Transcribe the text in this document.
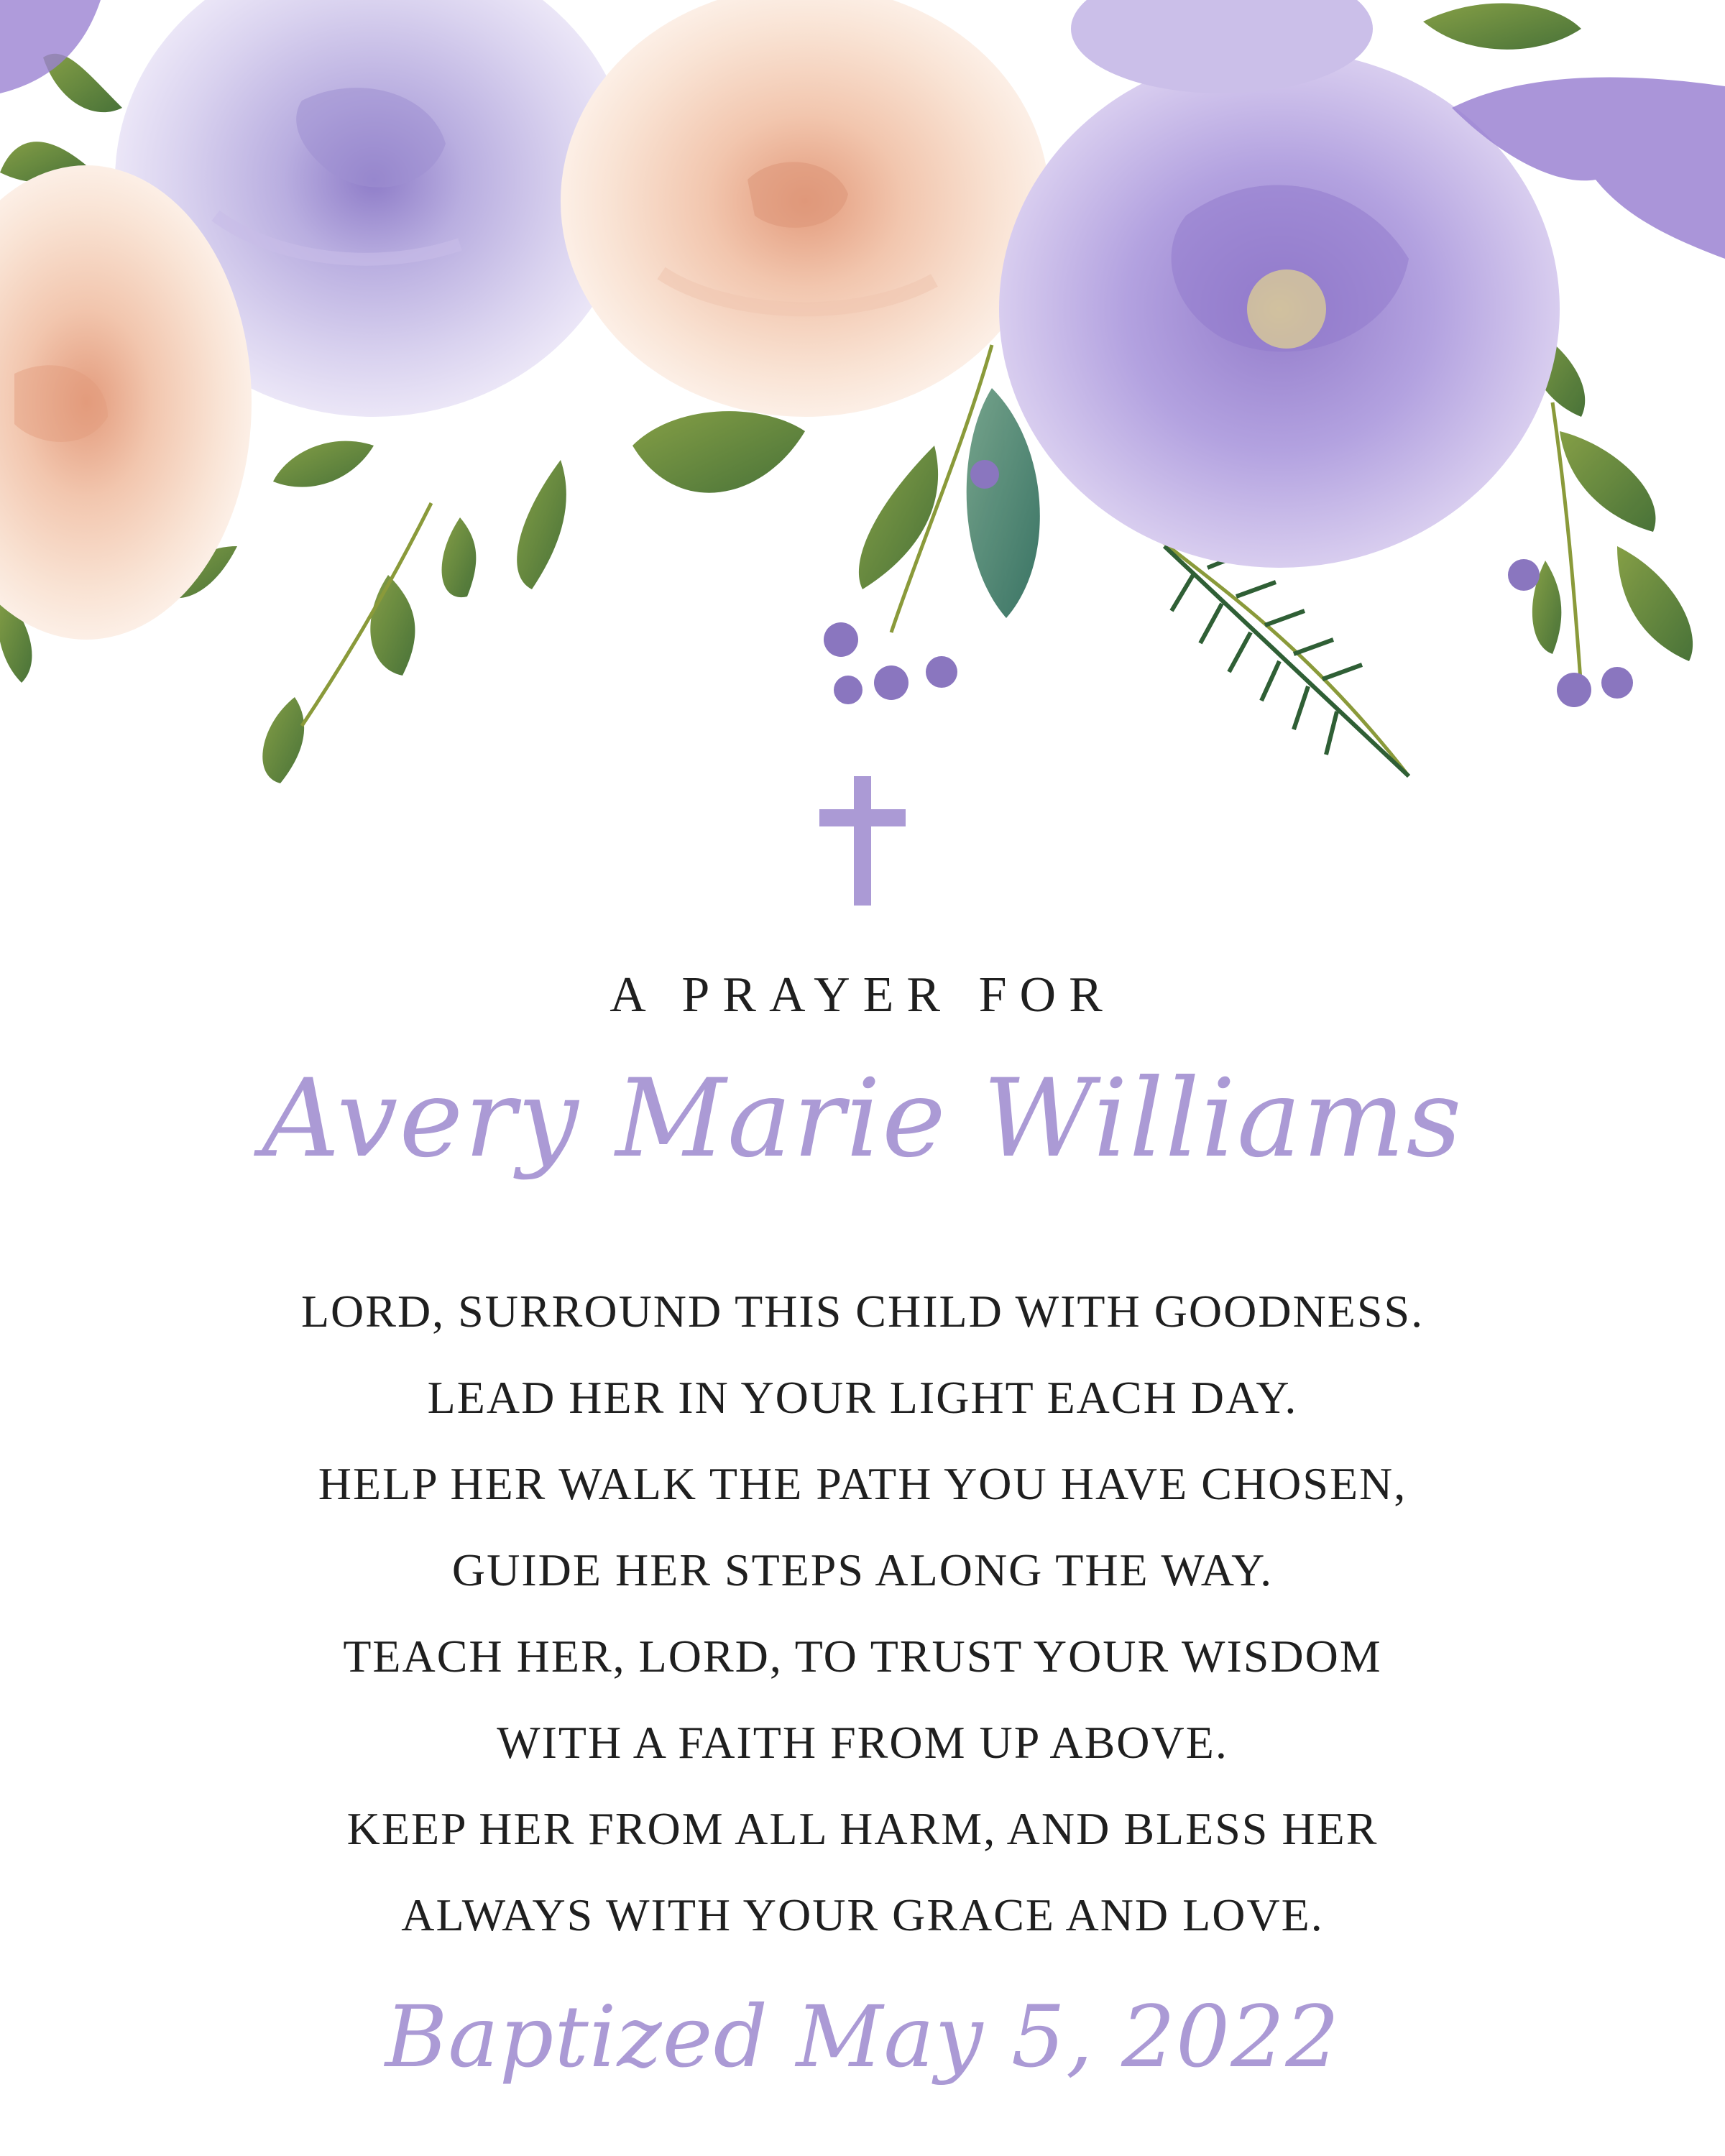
A PRAYER FOR
Avery Marie Williams
LORD, SURROUND THIS CHILD WITH GOODNESS.
LEAD HER IN YOUR LIGHT EACH DAY.
HELP HER WALK THE PATH YOU HAVE CHOSEN,
GUIDE HER STEPS ALONG THE WAY.
TEACH HER, LORD, TO TRUST YOUR WISDOM
WITH A FAITH FROM UP ABOVE.
KEEP HER FROM ALL HARM, AND BLESS HER
ALWAYS WITH YOUR GRACE AND LOVE.
Baptized May 5, 2022
